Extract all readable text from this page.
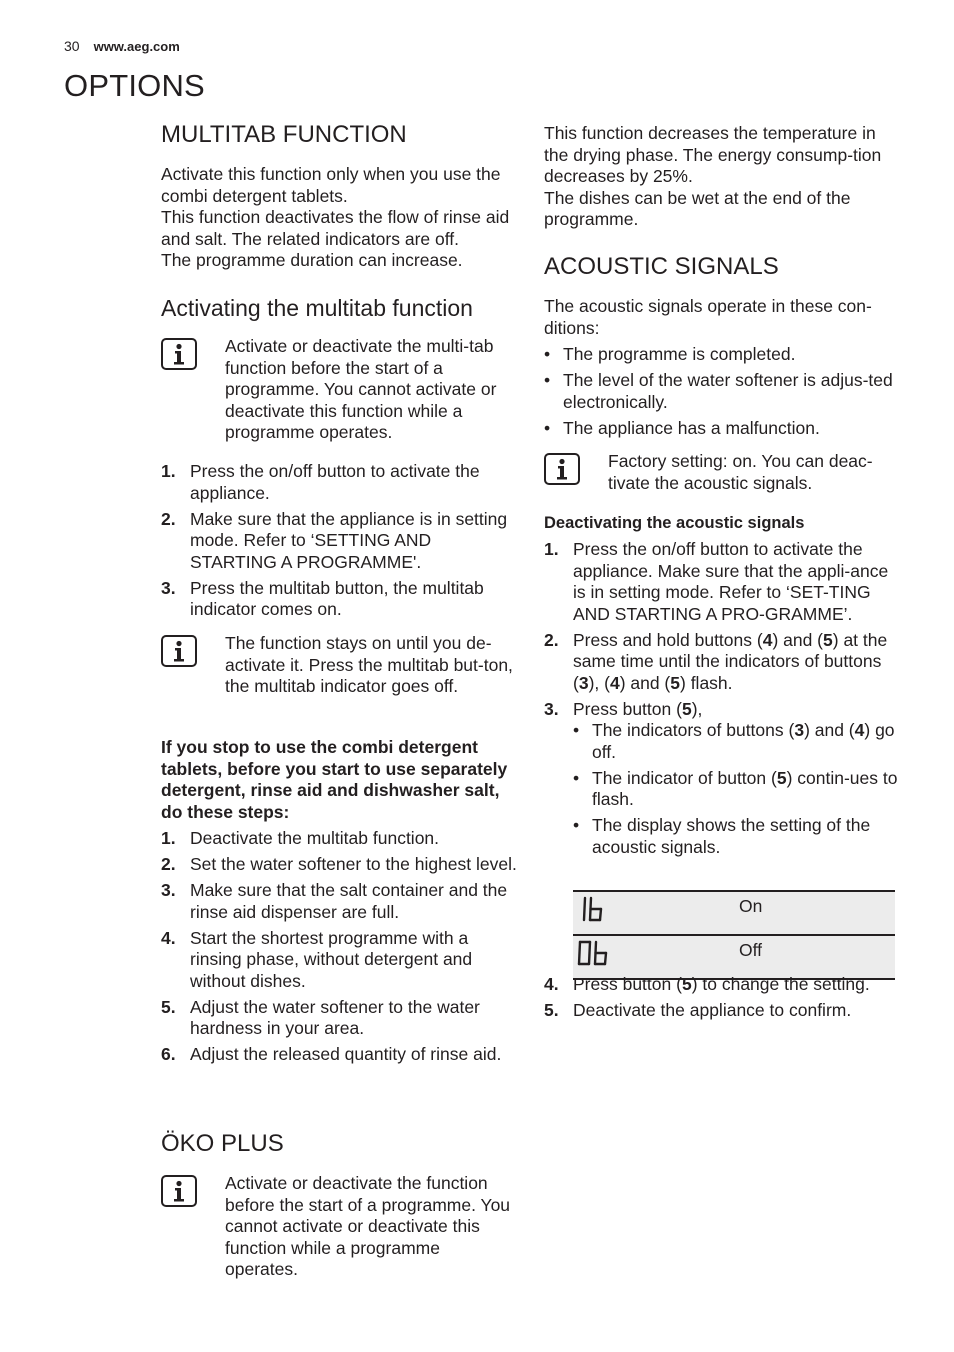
30 www.aeg.com
OPTIONS
MULTITAB FUNCTION

Activate this function only when you use the combi detergent tablets.

This function deactivates the flow of rinse aid and salt. The related indicators are off.

The programme duration can increase.

Activating the multitab function
Activate or deactivate the multi-tab function before the start of a programme. You cannot activate or deactivate this function while a programme operates.
1. Press the on/off button to activate the appliance.
2. Make sure that the appliance is in setting mode. Refer to ‘SETTING AND STARTING A PROGRAMME'.
3. Press the multitab button, the multitab indicator comes on.
The function stays on until you de-activate it. Press the multitab but-ton, the multitab indicator goes off.

If you stop to use the combi detergent tablets, before you start to use separately detergent, rinse aid and dishwasher salt, do these steps:

1. Deactivate the multitab function.
2. Set the water softener to the highest level.
3. Make sure that the salt container and the rinse aid dispenser are full.
4. Start the shortest programme with a rinsing phase, without detergent and without dishes.
5. Adjust the water softener to the water hardness in your area.
6. Adjust the released quantity of rinse aid.
ÖKO PLUS
Activate or deactivate the function before the start of a programme. You cannot activate or deactivate this function while a programme operates.

This function decreases the temperature in the drying phase. The energy consump-tion decreases by 25%.

The dishes can be wet at the end of the programme.

ACOUSTIC SIGNALS

The acoustic signals operate in these con-ditions:

• The programme is completed.
• The level of the water softener is adjus-ted electronically.
• The appliance has a malfunction.
Factory setting: on. You can deac-tivate the acoustic signals.

Deactivating the acoustic signals

1. Press the on/off button to activate the appliance. Make sure that the appli-ance is in setting mode. Refer to ‘SET-TING AND STARTING A PRO-GRAMME’.
2. Press and hold buttons (4) and (5) at the same time until the indicators of buttons (3), (4) and (5) flash.
3. Press button (5),
• The indicators of buttons (3) and (4) go off.
• The indicator of button (5) contin-ues to flash.
• The display shows the setting of the acoustic signals.
	On
	Off
4. Press button (5) to change the setting.
5. Deactivate the appliance to confirm.
